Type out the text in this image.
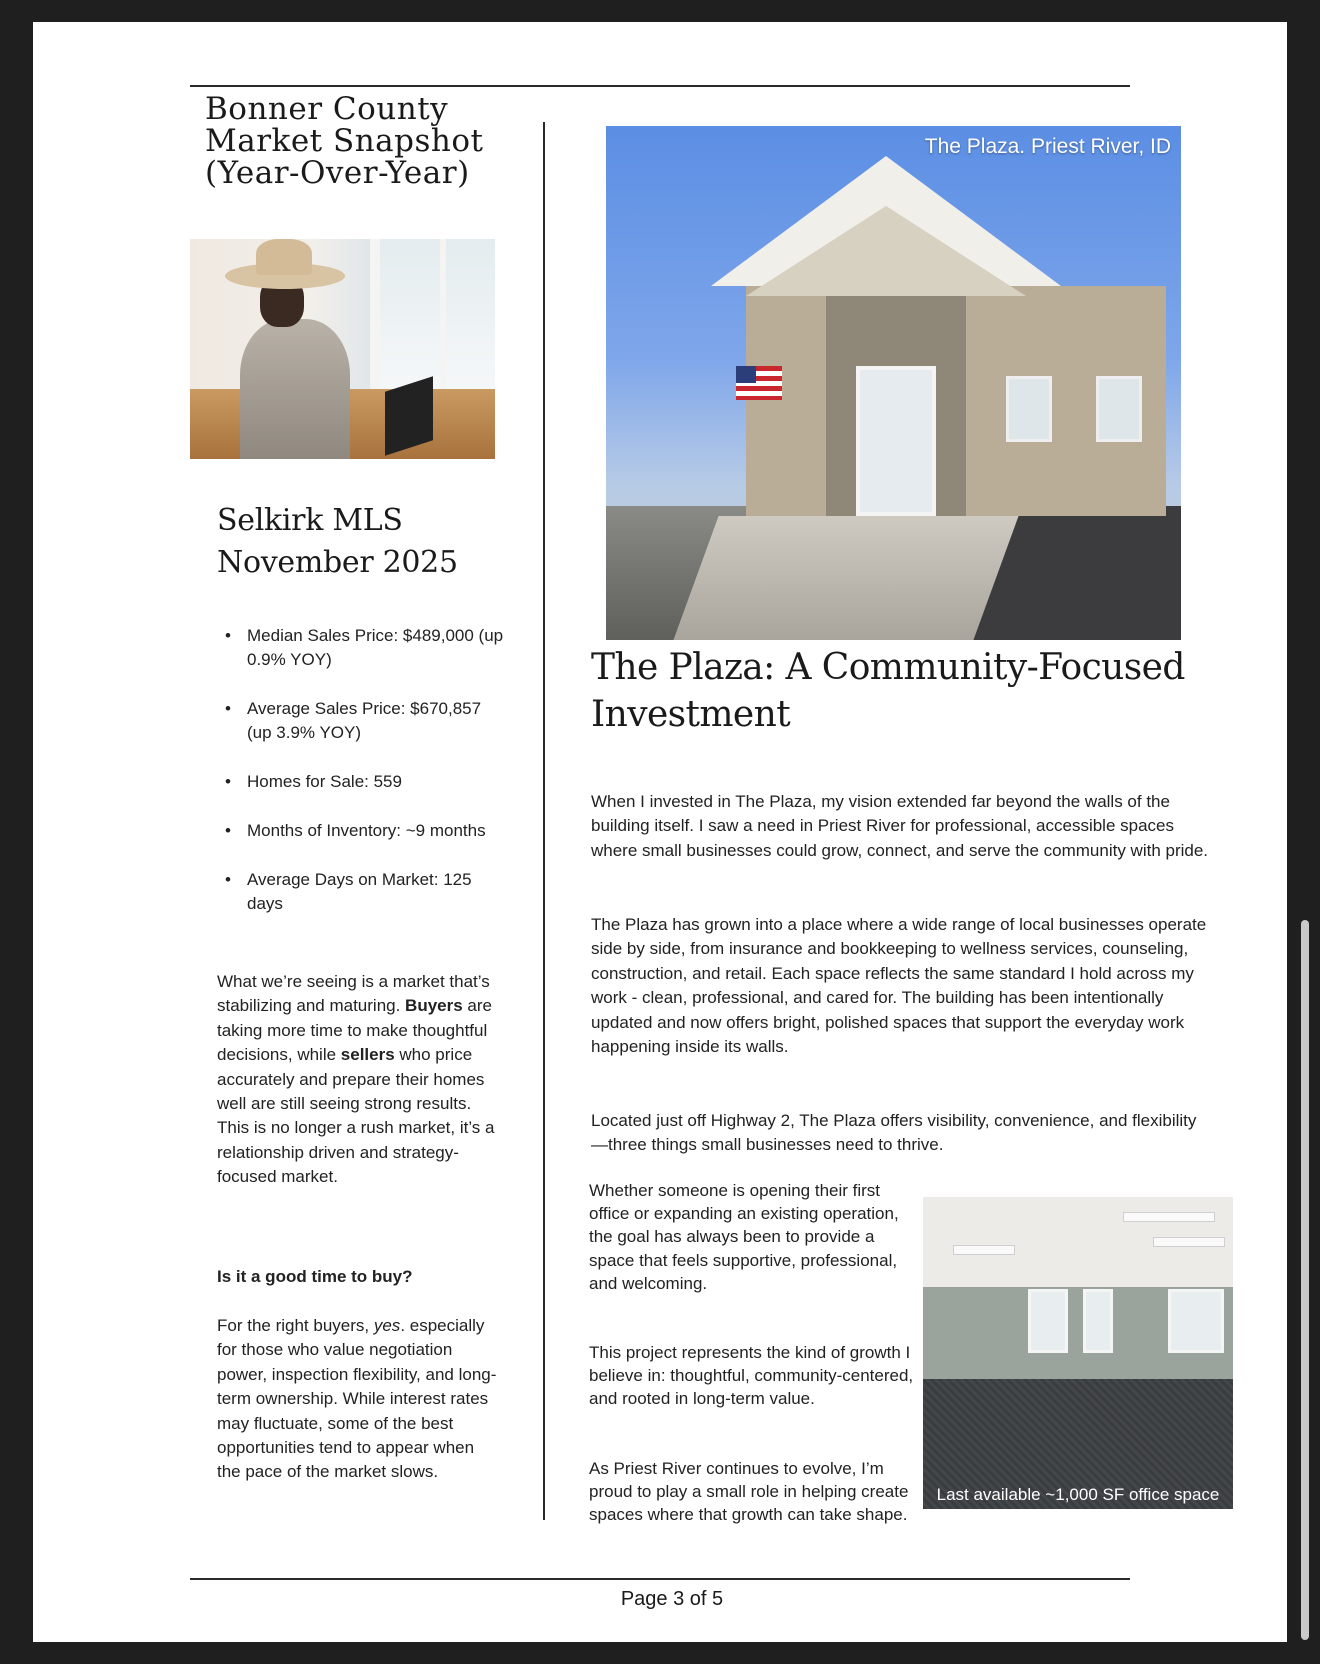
Bonner County Market Snapshot (Year-Over-Year)
Selkirk MLS
November 2025
• Median Sales Price: $489,000 (up 0.9% YOY)
• Average Sales Price: $670,857 (up 3.9% YOY)
• Homes for Sale: 559
• Months of Inventory: ~9 months
• Average Days on Market: 125 days

What we’re seeing is a market that’s stabilizing and maturing. Buyers are taking more time to make thoughtful decisions, while sellers who price accurately and prepare their homes well are still seeing strong results. This is no longer a rush market, it’s a relationship driven and strategy-focused market.

Is it a good time to buy?

For the right buyers, yes. especially for those who value negotiation power, inspection flexibility, and long-term ownership. While interest rates may fluctuate, some of the best opportunities tend to appear when the pace of the market slows.

The Plaza. Priest River, ID
The Plaza: A Community-Focused Investment

When I invested in The Plaza, my vision extended far beyond the walls of the building itself. I saw a need in Priest River for professional, accessible spaces where small businesses could grow, connect, and serve the community with pride.

The Plaza has grown into a place where a wide range of local businesses operate side by side, from insurance and bookkeeping to wellness services, counseling, construction, and retail. Each space reflects the same standard I hold across my work - clean, professional, and cared for. The building has been intentionally updated and now offers bright, polished spaces that support the everyday work happening inside its walls.

Located just off Highway 2, The Plaza offers visibility, convenience, and flexibility—three things small businesses need to thrive.

Whether someone is opening their first office or expanding an existing operation, the goal has always been to provide a space that feels supportive, professional, and welcoming.

This project represents the kind of growth I believe in: thoughtful, community-centered, and rooted in long-term value.

As Priest River continues to evolve, I’m proud to play a small role in helping create spaces where that growth can take shape.

Last available ~1,000 SF office space
Page 3 of 5
